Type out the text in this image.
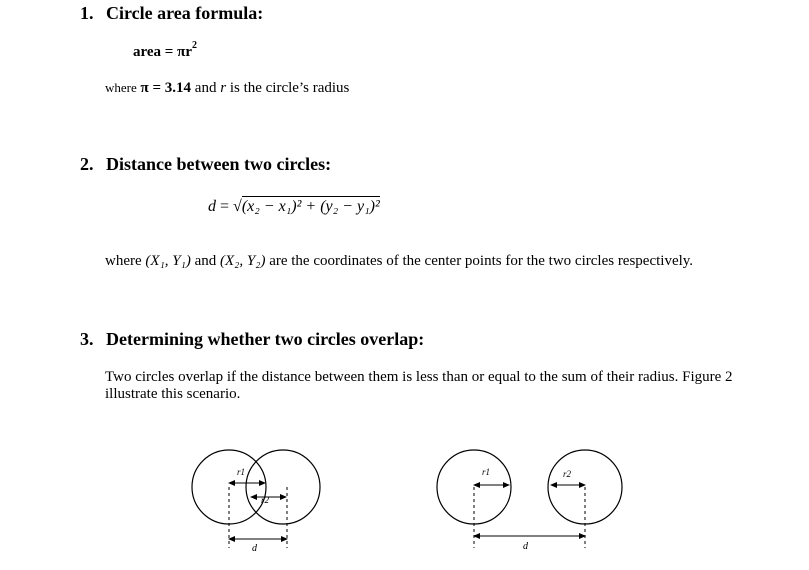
1. Circle area formula:
area = $\pi r^2$
where π = 3.14 and r is the circle’s radius
2. Distance between two circles:
d = √(x₂ − x₁)² + (y₂ − y₁)²
where (X₁, Y₁) and (X₂, Y₂) are the coordinates of the center points for the two circles respectively.
3. Determining whether two circles overlap:
Two circles overlap if the distance between them is less than or equal to the sum of their radius. Figure 2 illustrate this scenario.
r1
r2
d
r1	r2
d
